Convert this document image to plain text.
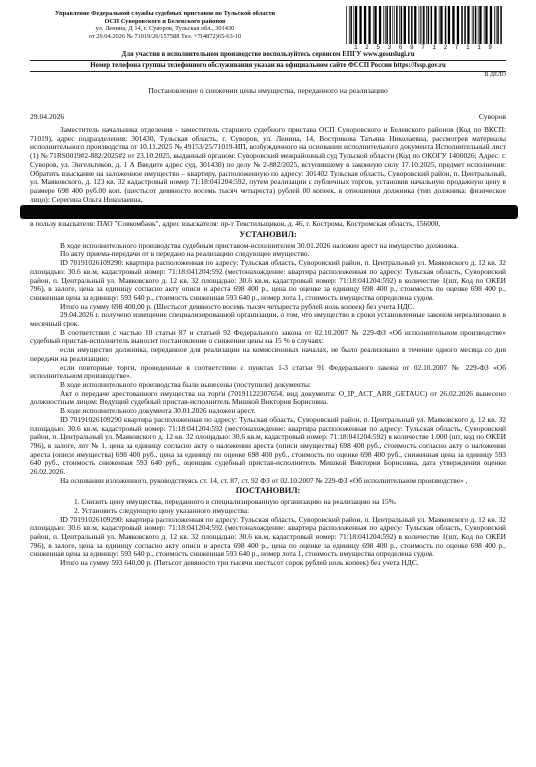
Управление Федеральной службы судебных приставов по Тульской области
ОСП Суворовского и Белевского районов
ул. Ленина, Д 14, г. Суворов, Тульская обл., 301430
от 29.04.2026 № 71019/26/157588 Тел. +7(4872)65-63-10
1 2 5 3 6 9 7 1 2 7 1 1 9
Для участия в исполнительном производстве воспользуйтесь сервисом ЕПГУ www.gosuslugi.ru
Номер телефона группы телефонного обслуживания указан на официальном сайте ФССП России https://fssp.gov.ru
В ДЕЛО
Постановление о снижении цены имущества, переданного на реализацию
29.04.2026	Суворов

Заместитель начальника отделения - заместитель старшего судебного пристава ОСП Суворовского и Белевского районов (Код по ВКСП: 71019), адрес подразделения: 301430, Тульская область, г. Суворов, ул. Ленина, 14, Вострикова Татьяна Николаевна, рассмотрев материалы исполнительного производства от 10.11.2025 № 49153/25/71019-ИП, возбужденного на основании исполнительного документа Исполнительный лист (1) № 71RS0019#2-882/2025#2 от 23.10.2025, выданный органом: Суворовский межрайонный суд Тульской области (Код по ОКОГУ 1400026; Адрес: г. Суворов, ул. Энгельтиков, д. 1 А Введите адрес суд, 301430) по делу № 2-882/2025, вступившему в законную силу 17.10.2025, предмет исполнения: Обратить взыскание на заложенное имущество – квартиру, расположенную по адресу: 301402 Тульская область, Суворовский район, п. Центральный, ул. Маяковского, д. 123 кв. 32 кадастровый номер 71:18:041204:592, путем реализации с публичных торгов, установив начальную продажную цену в размере 698 400 руб.00 коп. (шестьсот девяносто восемь тысяч четыреста) рублей 00 копеек, в отношении должника (тип должника: физическое лицо): Серегина Ольга Николаевна,

в пользу взыскателя: ПАО "Совкомбанк", адрес взыскателя: пр-т Текстильщиков, д. 46, г. Кострома, Костромская область, 156000,

УСТАНОВИЛ:

В ходе исполнительного производства судебным приставом-исполнителем 30.01.2026 наложен арест на имущество должника.

По акту приема-передачи от в передано на реализацию следующее имущество.

ID 70191026109290: квартира расположенная по адресу: Тульская область, Суворовский район, п. Центральный ул. Маяковского д. 12 кв. 32 площадью: 30.6 кв.м, кадастровый номер: 71:18:041204:592 (местонахождение: квартира расположенная по адресу: Тульская область, Суворовский район, п. Центральный ул. Маяковского д. 12 кв. 32 площадью: 30.6 кв.м, кадастровый номер: 71:18:041204:592) в количестве 1(шт, Код по ОКЕИ 796), в залоге, цена за единицу согласно акту описи и ареста 698 400 р., цена по оценке за единицу 698 400 р., стоимость по оценке 698 400 р., сниженная цена за единицу: 593 640 р., стоимость сниженная 593 640 р., номер лота 1, стоимость имущества определена судом.

Итого на сумму 698 400,00 р. (Шестьсот девяносто восемь тысяч четыреста рублей ноль копеек) без учета НДС.

29.04.2026 г. получено извещение специализированной организации, о том, что имущество в сроки установленные законом нереализовано в месячный срок.

В соответствии с частью 10 статьи 87 и статьей 92 Федерального закона от 02.10.2007 № 229-ФЗ «Об исполнительном производстве» судебный пристав-исполнитель выносит постановление о снижении цены на 15 % в случаях:

если имущество должника, переданное для реализации на комиссионных началах, не было реализовано в течение одного месяца со дня передачи на реализацию;

если повторные торги, проведенные в соответствии с пунктах 1-3 статьи 91 Федерального закона от 02.10.2007 № 229-ФЗ «Об исполнительном производстве».

В ходе исполнительного производства были вынесены (поступили) документы:

Акт о передаче арестованного имущества на торги (70191122307654, вид документа: O_IP_ACT_ARR_GETAUC) от 26.02.2026 вынесено должностным лицом: Ведущий судебный пристав-исполнитель Мишкой Виктория Борисовна.

В ходе исполнительного документа 30.01.2026 наложен арест.

ID 70191026109290 квартира расположенная по адресу: Тульская область, Суворовский район, п. Центральный ул. Маяковского д. 12 кв. 32 площадью: 30.6 кв.м, кадастровый номер: 71:18:041204:592 (местонахождение: квартира расположенная по адресу: Тульская область, Суворовский район, п. Центральный ул. Маяковского д. 12 кв. 32 площадью: 30.6 кв.м, кадастровый номер: 71:18:041204:592) в количестве 1.000 (шт, код по ОКЕИ 796), в залоге, лот № 1, цена за единицу согласно акту о наложении ареста (описи имущества) 698 400 руб., стоимость согласно акту о наложении ареста (описи имущества) 698 400 руб., цена за единицу по оценке 698 400 руб., стоимость по оценке 698 400 руб., сниженная цена за единицу 593 640 руб., стоимость сниженная 593 640 руб., оценщик судебный пристав-исполнитель Мишкой Виктория Борисовна, дата утверждения оценки 26.02.2026.

На основании изложенного, руководствуясь ст. 14, ст. 87, ст. 92 ФЗ от 02.10.2007 № 229-ФЗ «Об исполнительном производстве» ,

ПОСТАНОВИЛ:

1. Снизить цену имущества, переданного в специализированную организацию на реализацию на 15%.

2. Установить следующую цену указанного имущества:

ID 70191026109290: квартира расположенная по адресу: Тульская область, Суворовский район, п. Центральный ул. Маяковского д. 12 кв. 32 площадью: 30.6 кв.м, кадастровый номер: 71:18:041204:592 (местонахождение: квартира расположенная по адресу: Тульская область, Суворовский район, п. Центральный ул. Маяковского д. 12 кв. 32 площадью: 30.6 кв.м, кадастровый номер: 71:18:041204:592) в количестве 1(шт, Код по ОКЕИ 796), в залоге, цена за единицу согласно акту описи и ареста 698 400 р., цена по оценке за единицу 698 400 р., стоимость по оценке 698 400 р., сниженная цена за единицу: 593 640 р., стоимость сниженная 593 640 р., номер лота 1, стоимость имущества определена судом.

Итого на сумму 593 640,00 р. (Пятьсот девяносто три тысячи шестьсот сорок рублей ноль копеек) без учета НДС.
